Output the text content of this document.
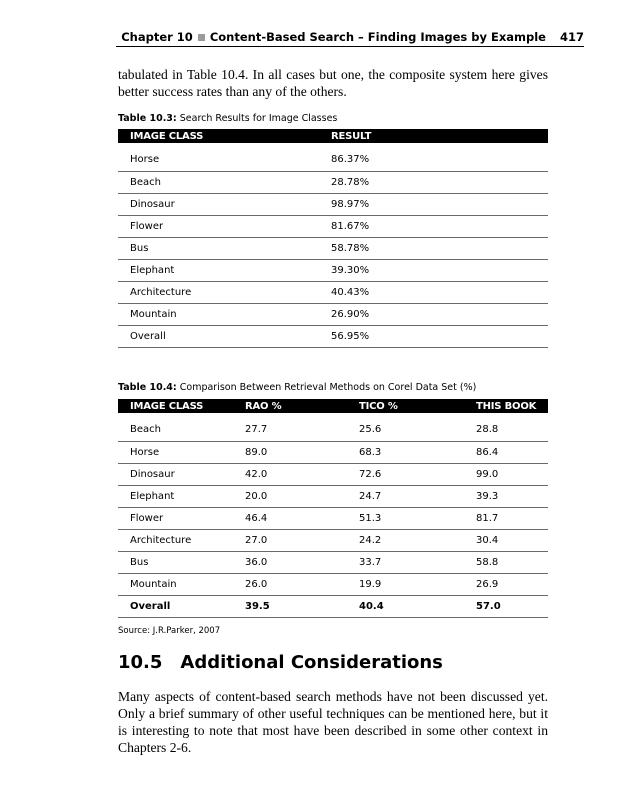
Chapter 10 Content-Based Search – Finding Images by Example 417

tabulated in Table 10.4. In all cases but one, the composite system here gives better success rates than any of the others.

Table 10.3: Search Results for Image Classes
IMAGE CLASS	RESULT
Horse	86.37%
Beach	28.78%
Dinosaur	98.97%
Flower	81.67%
Bus	58.78%
Elephant	39.30%
Architecture	40.43%
Mountain	26.90%
Overall	56.95%
Table 10.4: Comparison Between Retrieval Methods on Corel Data Set (%)
IMAGE CLASS	RAO %	TICO %	THIS BOOK
Beach	27.7	25.6	28.8
Horse	89.0	68.3	86.4
Dinosaur	42.0	72.6	99.0
Elephant	20.0	24.7	39.3
Flower	46.4	51.3	81.7
Architecture	27.0	24.2	30.4
Bus	36.0	33.7	58.8
Mountain	26.0	19.9	26.9
Overall	39.5	40.4	57.0
Source: J.R.Parker, 2007
10.5 Additional Considerations

Many aspects of content-based search methods have not been discussed yet. Only a brief summary of other useful techniques can be mentioned here, but it is interesting to note that most have been described in some other context in Chapters 2-6.
